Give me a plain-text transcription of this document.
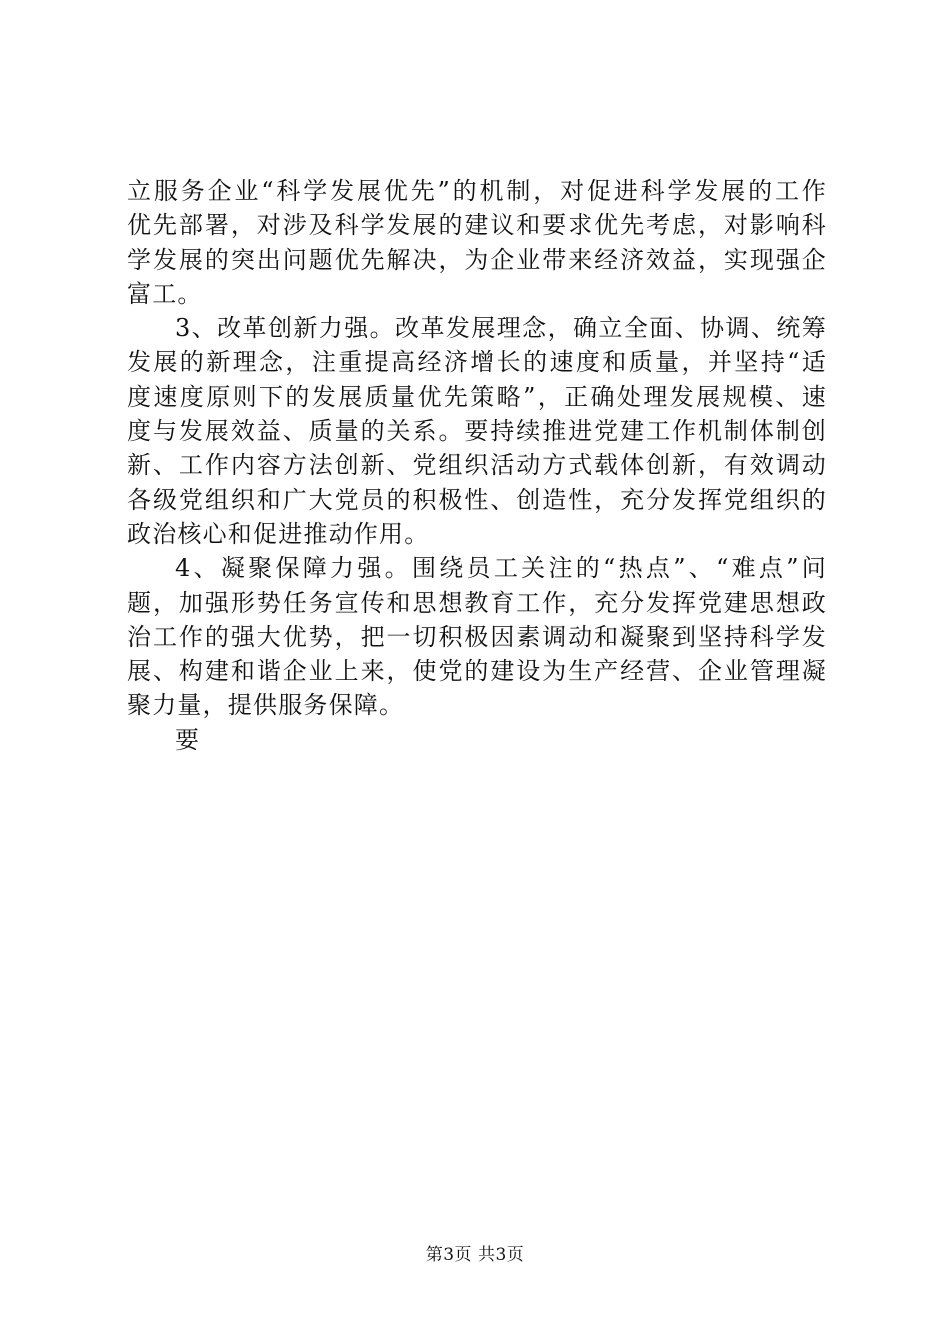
立服务企业“科学发展优先”的机制，对促进科学发展的工作
优先部署，对涉及科学发展的建议和要求优先考虑，对影响科
学发展的突出问题优先解决，为企业带来经济效益，实现强企
富工。
3、改革创新力强。改革发展理念，确立全面、协调、统筹
发展的新理念，注重提高经济增长的速度和质量，并坚持“适
度速度原则下的发展质量优先策略”，正确处理发展规模、速
度与发展效益、质量的关系。要持续推进党建工作机制体制创
新、工作内容方法创新、党组织活动方式载体创新，有效调动
各级党组织和广大党员的积极性、创造性，充分发挥党组织的
政治核心和促进推动作用。
4、凝聚保障力强。围绕员工关注的“热点”、“难点”问
题，加强形势任务宣传和思想教育工作，充分发挥党建思想政
治工作的强大优势，把一切积极因素调动和凝聚到坚持科学发
展、构建和谐企业上来，使党的建设为生产经营、企业管理凝
聚力量，提供服务保障。
要
第3页 共3页
